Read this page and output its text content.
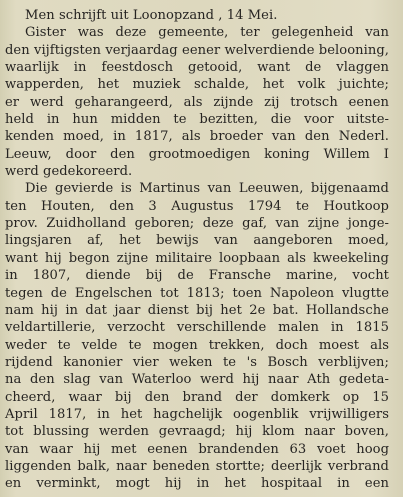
Men schrijft uit Loonopzand , 14 Mei.
Gister was deze gemeente, ter gelegenheid van
den vijftigsten verjaardag eener welverdiende belooning,
waarlijk in feestdosch getooid, want de vlaggen
wapperden, het muziek schalde, het volk juichte;
er werd geharangeerd, als zijnde zij trotsch eenen
held in hun midden te bezitten, die voor uitste-
kenden moed, in 1817, als broeder van den Nederl.
Leeuw, door den grootmoedigen koning Willem I
werd gedekoreerd.
Die gevierde is Martinus van Leeuwen, bijgenaamd
ten Houten, den 3 Augustus 1794 te Houtkoop
prov. Zuidholland geboren; deze gaf, van zijne jonge-
lingsjaren af, het bewijs van aangeboren moed,
want hij begon zijne militaire loopbaan als kweekeling
in 1807, diende bij de Fransche marine, vocht
tegen de Engelschen tot 1813; toen Napoleon vlugtte
nam hij in dat jaar dienst bij het 2e bat. Hollandsche
veldartillerie, verzocht verschillende malen in 1815
weder te velde te mogen trekken, doch moest als
rijdend kanonier vier weken te 's Bosch verblijven;
na den slag van Waterloo werd hij naar Ath gedeta-
cheerd, waar bij den brand der domkerk op 15
April 1817, in het hagchelijk oogenblik vrijwilligers
tot blussing werden gevraagd; hij klom naar boven,
van waar hij met eenen brandenden 63 voet hoog
liggenden balk, naar beneden stortte; deerlijk verbrand
en verminkt, mogt hij in het hospitaal in een
